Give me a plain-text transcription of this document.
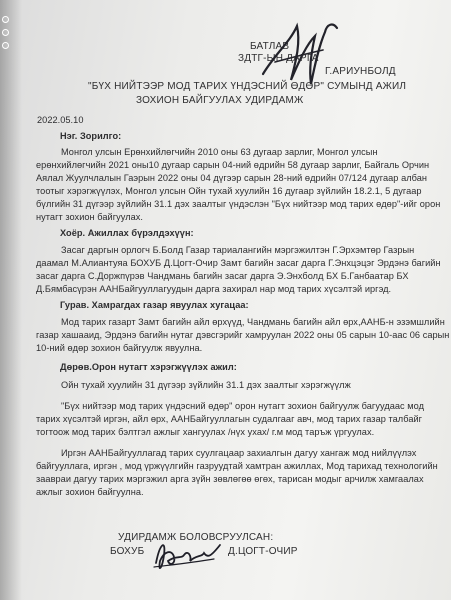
БАТЛАВ
ЗДТГ-ЫН ДАРГА
Г.АРИУНБОЛД
"БҮХ НИЙТЭЭР МОД ТАРИХ ҮНДЭСНИЙ ӨДӨР" СУМЫНД АЖИЛ
ЗОХИОН БАЙГУУЛАХ УДИРДАМЖ
2022.05.10
Нэг. Зорилго:
Монгол улсын Ерөнхийлөгчийн 2010 оны 63 дугаар зарлиг, Монгол улсын
ерөнхийлөгчийн 2021 оны10 дугаар сарын 04-ний өдрийн 58 дугаар зарлиг, Байгаль Орчин
Аялал Жуулчлалын Гаэрын 2022 оны 04 дүгээр сарын 28-ний өдрийн 07/124 дугаар албан
тоотыг хэрэгжүүлэх, Монгол улсын Ойн тухай хуулийн 16 дугаар зүйлийн 18.2.1, 5 дугаар
бүлгийн 31 дүгээр зүйлийн 31.1 дэх заалтыг үндэслэн "Бүх нийтээр мод тарих өдөр"-ийг орон
нутагт зохион байгуулах.
Хоёр. Ажиллах бүрэлдэхүүн:
Засаг даргын орлогч Б.Болд Газар тариалангийн мэргэжилтэн Г.Эрхэмтөр Газрын
даамал М.Алиантуяа БОХУБ Д.Цогт-Очир Замт багийн засаг дарга Г.Энхцэцэг Эрдэнэ багийн
засаг дарга С.Доржпүрэв Чандмань багийн засаг дарга Э.Энхболд БХ Б.Ганбаатар БХ
Д.Бямбасүрэн ААНБайгууллагуудын дарга захирал нар мод тарих хүсэлтэй иргэд.
Гурав. Хамрагдах газар явуулах хугацаа:
Мод тарих газарт Замт багийн айл өрхүүд, Чандмань багийн айл өрх,ААНБ-н эзэмшлийн
газар хашааид, Эрдэнэ багийн нутаг дэвсгэрийг хамруулан 2022 оны 05 сарын 10-аас 06 сарын
10-ний өдөр зохион байгуулж явуулна.
Дөрөв.Орон нутагт хэрэгжүүлэх ажил:
Ойн тухай хуулийн 31 дүгээр зүйлийн 31.1 дэх заалтыг хэрэгжүүлж
"Бүх нийтээр мод тарих үндэсний өдөр" орон нутагт зохион байгуулж багуудаас мод
тарих хүсэлтэй иргэн, айл өрх, ААНБайгууллагын судалгааг авч, мод тарих газар талбайг
тогтоож мод тарих бэлтгэл ажлыг хангуулах /нүх ухах/ г.м мод таръж үргуулах.
Иргэн ААНБайгууллагад тарих суулгацаар захиалгын дагуу хангаж мод нийлүүлэх
байгууллага, иргэн , мод үржүүлгийн газруудтай хамтран ажиллах, Мод тарихад технологийн
заавраи дагуу тарих мэргэжил арга зүйн зөвлөгөө өгөх, тарисан модыг арчилж хамгаалах
ажлыг зохион байгуулна.
УДИРДАМЖ БОЛОВСРУУЛСАН:
БОХУБ	Д.ЦОГТ-ОЧИР
